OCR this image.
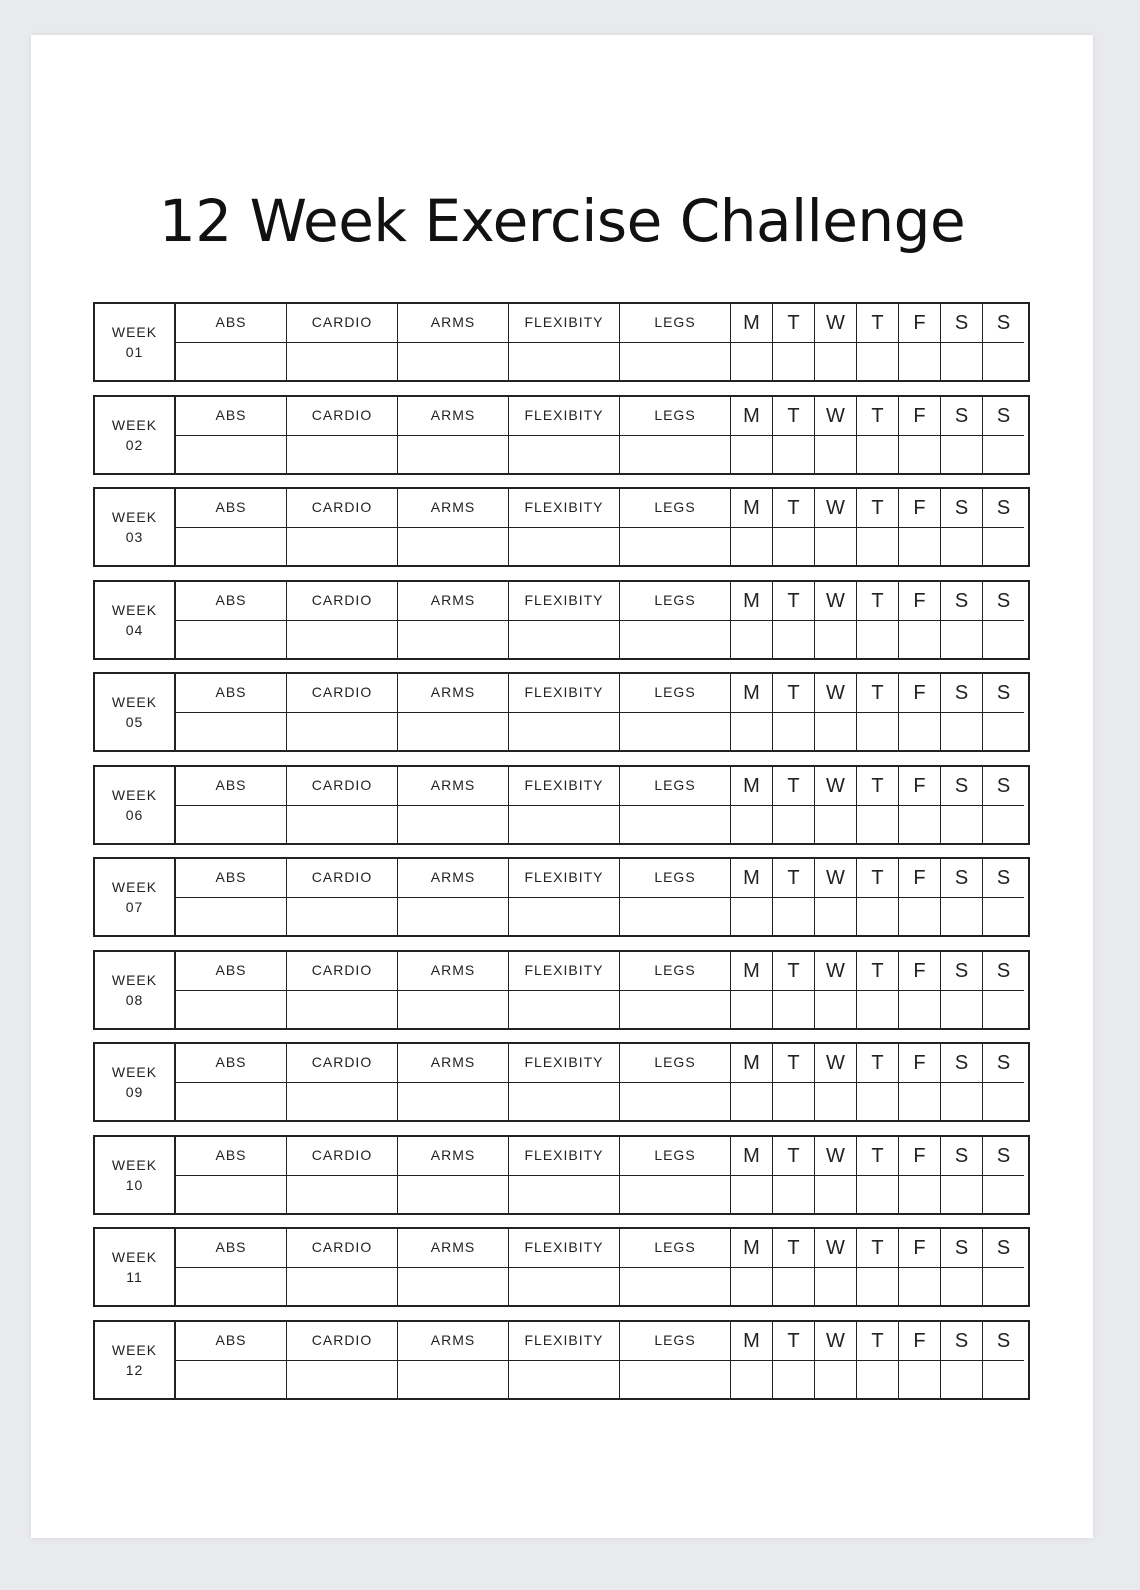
12 Week Exercise Challenge
WEEK
01
ABS	CARDIO	ARMS	FLEXIBITY	LEGS	M	T	W	T	F	S	S
WEEK
02
ABS	CARDIO	ARMS	FLEXIBITY	LEGS	M	T	W	T	F	S	S
WEEK
03
ABS	CARDIO	ARMS	FLEXIBITY	LEGS	M	T	W	T	F	S	S
WEEK
04
ABS	CARDIO	ARMS	FLEXIBITY	LEGS	M	T	W	T	F	S	S
WEEK
05
ABS	CARDIO	ARMS	FLEXIBITY	LEGS	M	T	W	T	F	S	S
WEEK
06
ABS	CARDIO	ARMS	FLEXIBITY	LEGS	M	T	W	T	F	S	S
WEEK
07
ABS	CARDIO	ARMS	FLEXIBITY	LEGS	M	T	W	T	F	S	S
WEEK
08
ABS	CARDIO	ARMS	FLEXIBITY	LEGS	M	T	W	T	F	S	S
WEEK
09
ABS	CARDIO	ARMS	FLEXIBITY	LEGS	M	T	W	T	F	S	S
WEEK
10
ABS	CARDIO	ARMS	FLEXIBITY	LEGS	M	T	W	T	F	S	S
WEEK
11
ABS	CARDIO	ARMS	FLEXIBITY	LEGS	M	T	W	T	F	S	S
WEEK
12
ABS	CARDIO	ARMS	FLEXIBITY	LEGS	M	T	W	T	F	S	S
